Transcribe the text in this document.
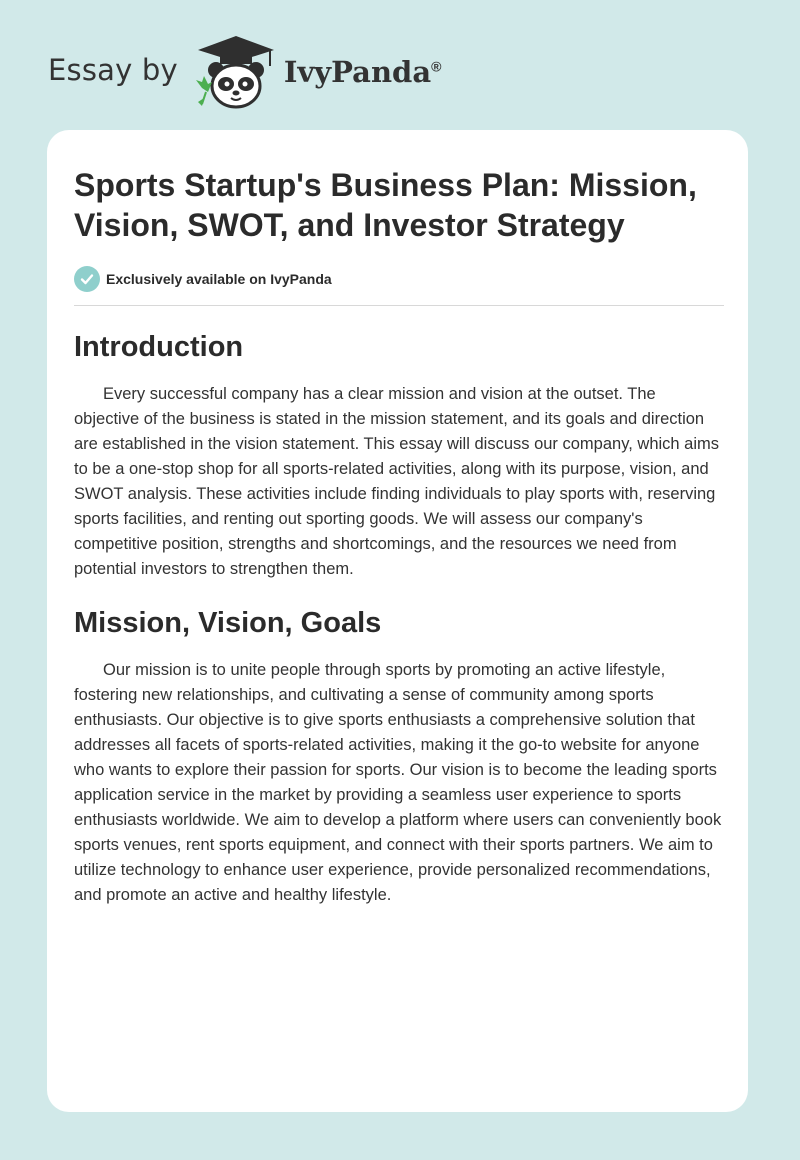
Essay by	IvyPanda®
Sports Startup's Business Plan: Mission, Vision, SWOT, and Investor Strategy
Exclusively available on IvyPanda
Introduction

Every successful company has a clear mission and vision at the outset. The objective of the business is stated in the mission statement, and its goals and direction are established in the vision statement. This essay will discuss our company, which aims to be a one-stop shop for all sports-related activities, along with its purpose, vision, and SWOT analysis. These activities include finding individuals to play sports with, reserving sports facilities, and renting out sporting goods. We will assess our company's competitive position, strengths and shortcomings, and the resources we need from potential investors to strengthen them.

Mission, Vision, Goals

Our mission is to unite people through sports by promoting an active lifestyle, fostering new relationships, and cultivating a sense of community among sports enthusiasts. Our objective is to give sports enthusiasts a comprehensive solution that addresses all facets of sports-related activities, making it the go-to website for anyone who wants to explore their passion for sports. Our vision is to become the leading sports application service in the market by providing a seamless user experience to sports enthusiasts worldwide. We aim to develop a platform where users can conveniently book sports venues, rent sports equipment, and connect with their sports partners. We aim to utilize technology to enhance user experience, provide personalized recommendations, and promote an active and healthy lifestyle.
